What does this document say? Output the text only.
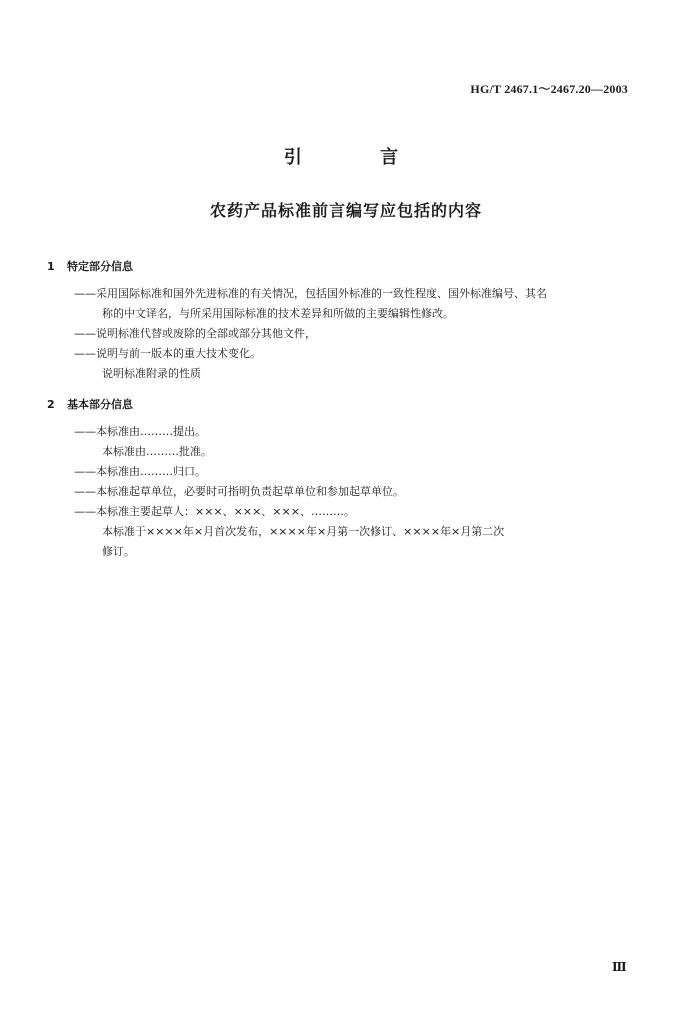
HG/T 2467.1～2467.20—2003
引 言
农药产品标准前言编写应包括的内容
1 特定部分信息
——采用国际标准和国外先进标准的有关情况，包括国外标准的一致性程度、国外标准编号、其名
称的中文译名，与所采用国际标准的技术差异和所做的主要编辑性修改。
——说明标准代替或废除的全部或部分其他文件，
——说明与前一版本的重大技术变化。
说明标准附录的性质
2 基本部分信息
——本标准由………提出。
本标准由………批准。
——本标准由………归口。
——本标准起草单位，必要时可指明负责起草单位和参加起草单位。
——本标准主要起草人：×××、×××、×××、………。
本标准于××××年×月首次发布，××××年×月第一次修订、××××年×月第二次
修订。
Ⅲ
